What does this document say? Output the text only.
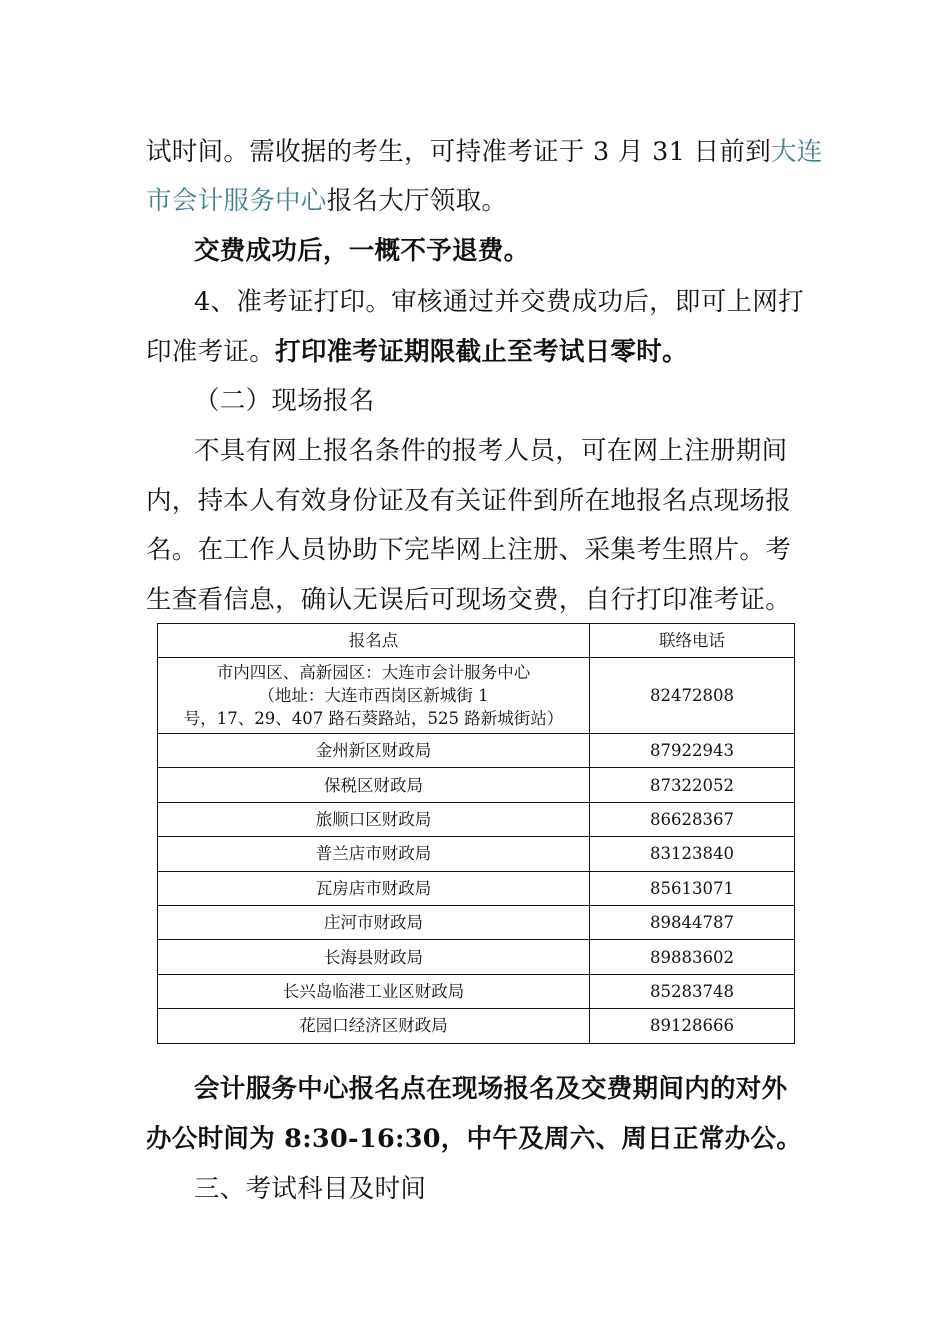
试时间。需收据的考生，可持准考证于 3 月 31 日前到大连
市会计服务中心报名大厅领取。
交费成功后，一概不予退费。
4、准考证打印。审核通过并交费成功后，即可上网打
印准考证。打印准考证期限截止至考试日零时。
（二）现场报名
不具有网上报名条件的报考人员，可在网上注册期间
内，持本人有效身份证及有关证件到所在地报名点现场报
名。在工作人员协助下完毕网上注册、采集考生照片。考
生查看信息，确认无误后可现场交费，自行打印准考证。
报名点	联络电话

市内四区、高新园区：大连市会计服务中心
（地址：大连市西岗区新城街 1
号，17、29、407 路石葵路站，525 路新城街站）	82472808
金州新区财政局	87922943
保税区财政局	87322052
旅顺口区财政局	86628367
普兰店市财政局	83123840
瓦房店市财政局	85613071
庄河市财政局	89844787
长海县财政局	89883602
长兴岛临港工业区财政局	85283748
花园口经济区财政局	89128666
会计服务中心报名点在现场报名及交费期间内的对外
办公时间为 8:30-16:30，中午及周六、周日正常办公。
三、考试科目及时间
